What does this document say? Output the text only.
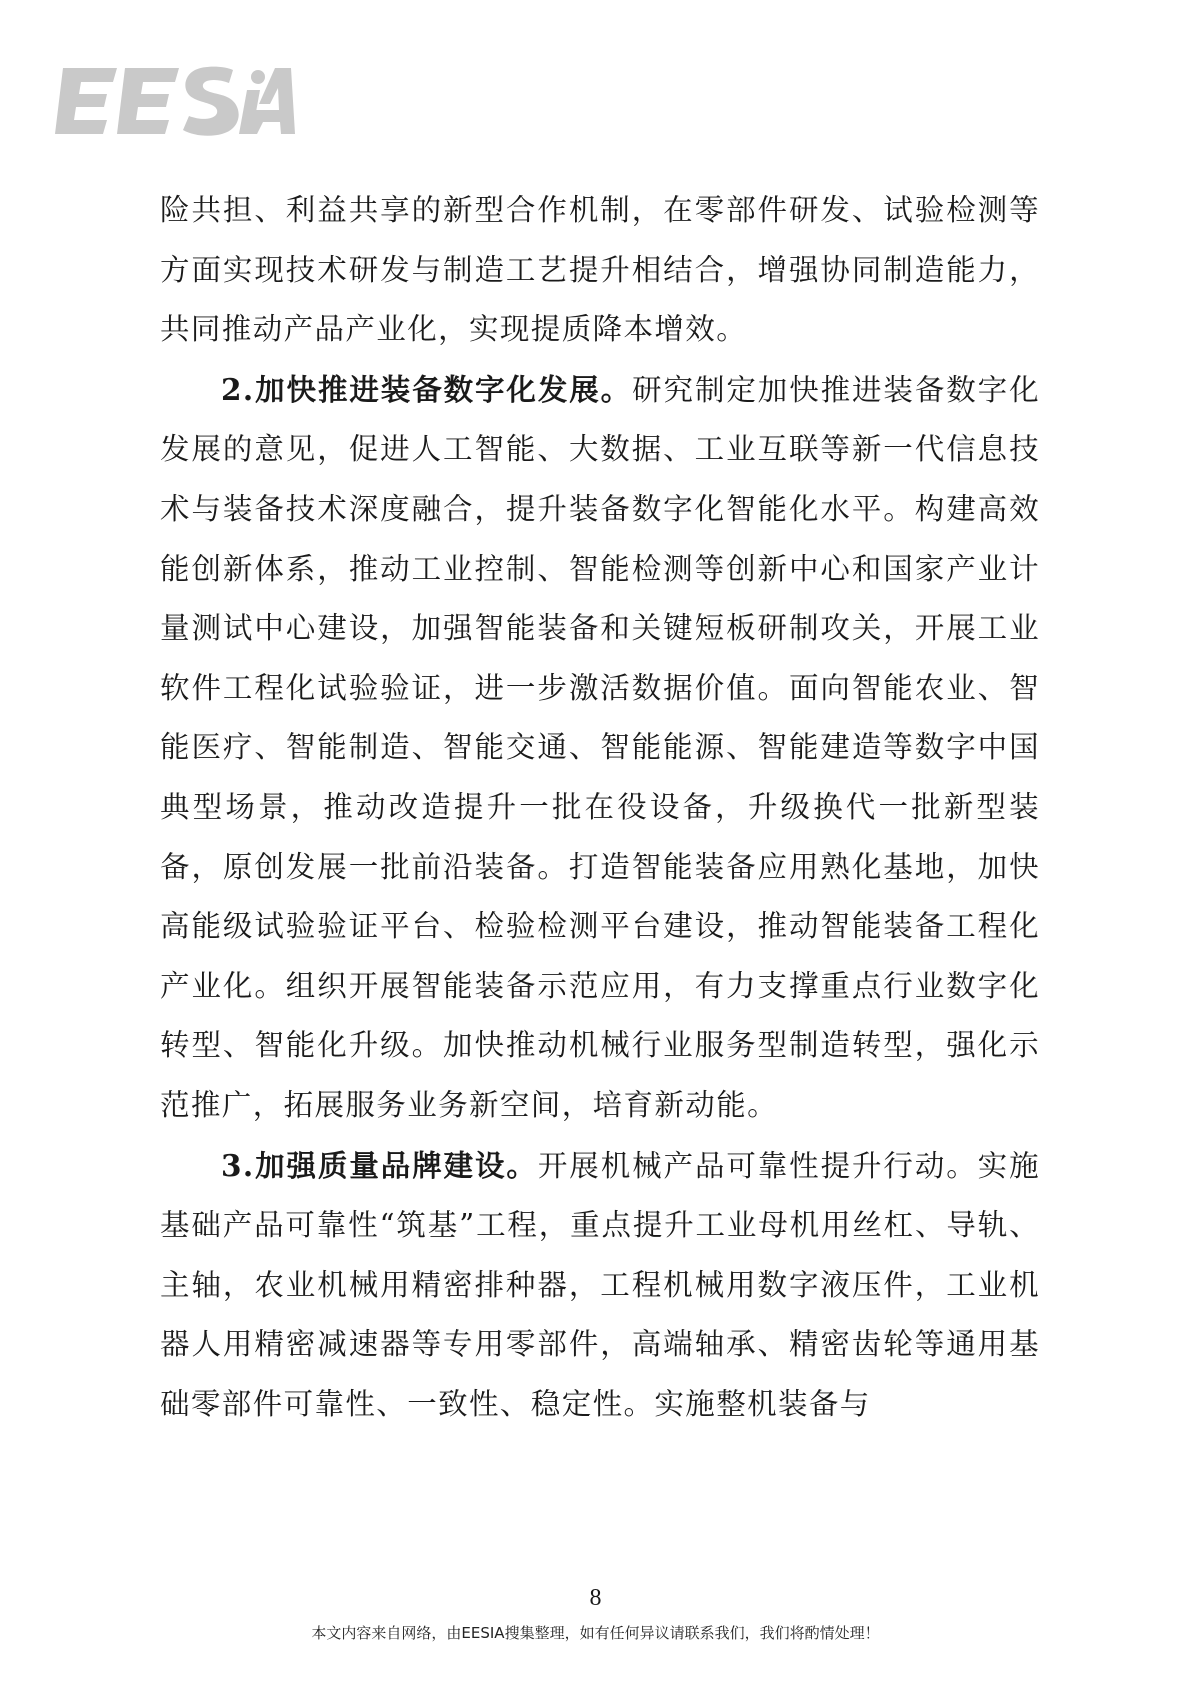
险共担、利益共享的新型合作机制，在零部件研发、试验检测等方面实现技术研发与制造工艺提升相结合，增强协同制造能力，共同推动产品产业化，实现提质降本增效。

2.加快推进装备数字化发展。研究制定加快推进装备数字化发展的意见，促进人工智能、大数据、工业互联等新一代信息技术与装备技术深度融合，提升装备数字化智能化水平。构建高效能创新体系，推动工业控制、智能检测等创新中心和国家产业计量测试中心建设，加强智能装备和关键短板研制攻关，开展工业软件工程化试验验证，进一步激活数据价值。面向智能农业、智能医疗、智能制造、智能交通、智能能源、智能建造等数字中国典型场景，推动改造提升一批在役设备，升级换代一批新型装备，原创发展一批前沿装备。打造智能装备应用熟化基地，加快高能级试验验证平台、检验检测平台建设，推动智能装备工程化产业化。组织开展智能装备示范应用，有力支撑重点行业数字化转型、智能化升级。加快推动机械行业服务型制造转型，强化示范推广，拓展服务业务新空间，培育新动能。

3.加强质量品牌建设。开展机械产品可靠性提升行动。实施基础产品可靠性“筑基”工程，重点提升工业母机用丝杠、导轨、主轴，农业机械用精密排种器，工程机械用数字液压件，工业机器人用精密减速器等专用零部件，高端轴承、精密齿轮等通用基础零部件可靠性、一致性、稳定性。实施整机装备与

8
本文内容来自网络，由EESIA搜集整理，如有任何异议请联系我们，我们将酌情处理！
